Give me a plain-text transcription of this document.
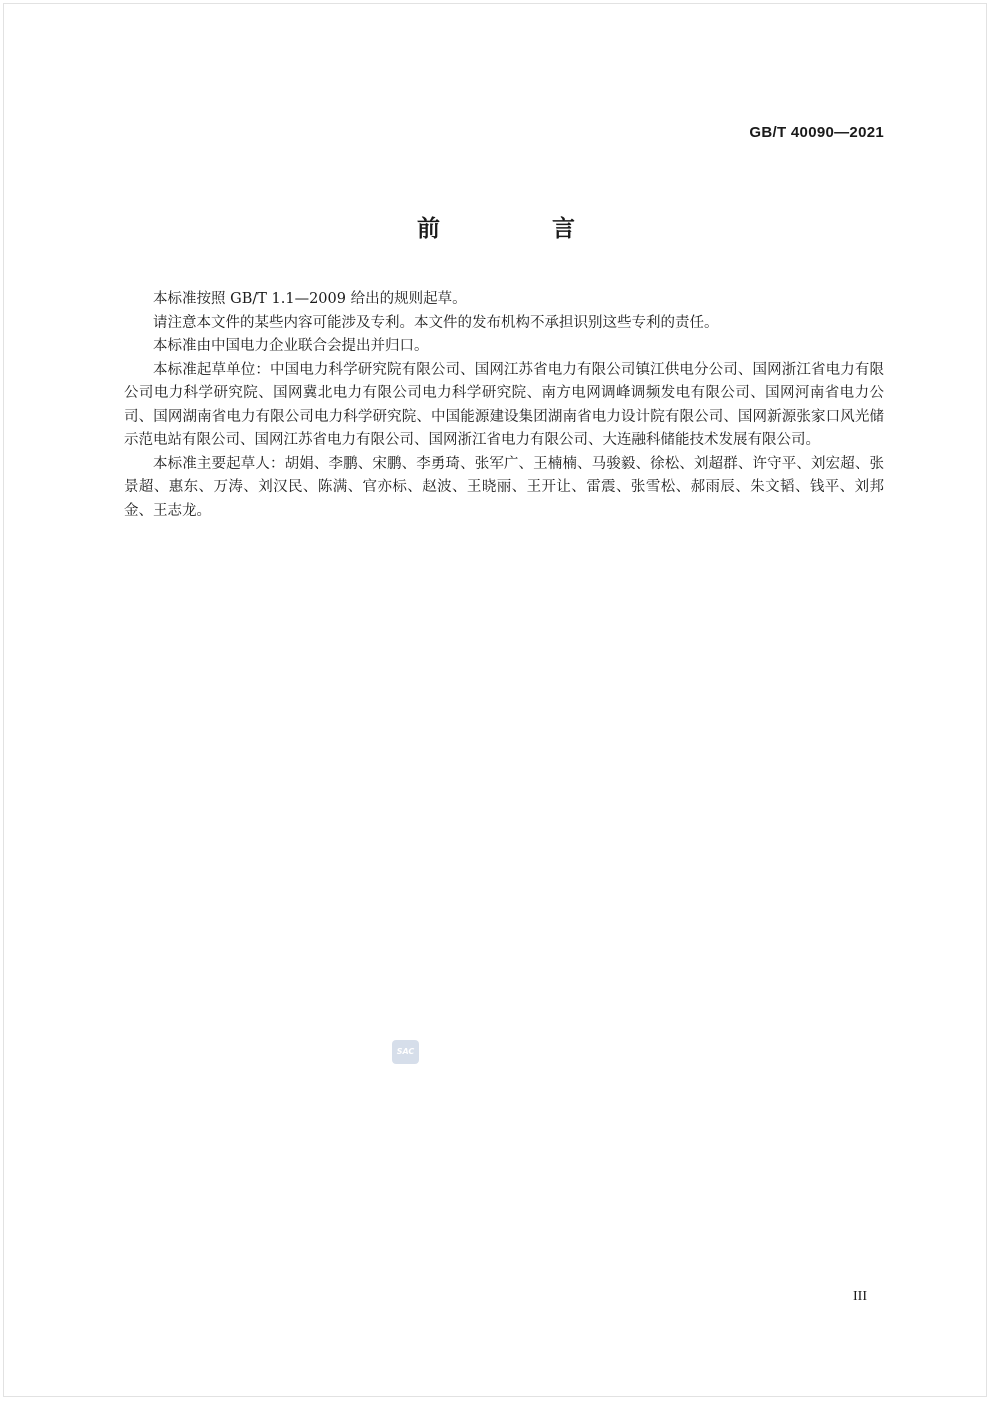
GB/T 40090—2021
前 言

本标准按照 GB/T 1.1—2009 给出的规则起草。

请注意本文件的某些内容可能涉及专利。本文件的发布机构不承担识别这些专利的责任。

本标准由中国电力企业联合会提出并归口。

本标准起草单位：中国电力科学研究院有限公司、国网江苏省电力有限公司镇江供电分公司、国网浙江省电力有限公司电力科学研究院、国网冀北电力有限公司电力科学研究院、南方电网调峰调频发电有限公司、国网河南省电力公司、国网湖南省电力有限公司电力科学研究院、中国能源建设集团湖南省电力设计院有限公司、国网新源张家口风光储示范电站有限公司、国网江苏省电力有限公司、国网浙江省电力有限公司、大连融科储能技术发展有限公司。

本标准主要起草人：胡娟、李鹏、宋鹏、李勇琦、张军广、王楠楠、马骏毅、徐松、刘超群、许守平、刘宏超、张景超、惠东、万涛、刘汉民、陈满、官亦标、赵波、王晓丽、王开让、雷震、张雪松、郝雨辰、朱文韬、钱平、刘邦金、王志龙。

SAC
III
